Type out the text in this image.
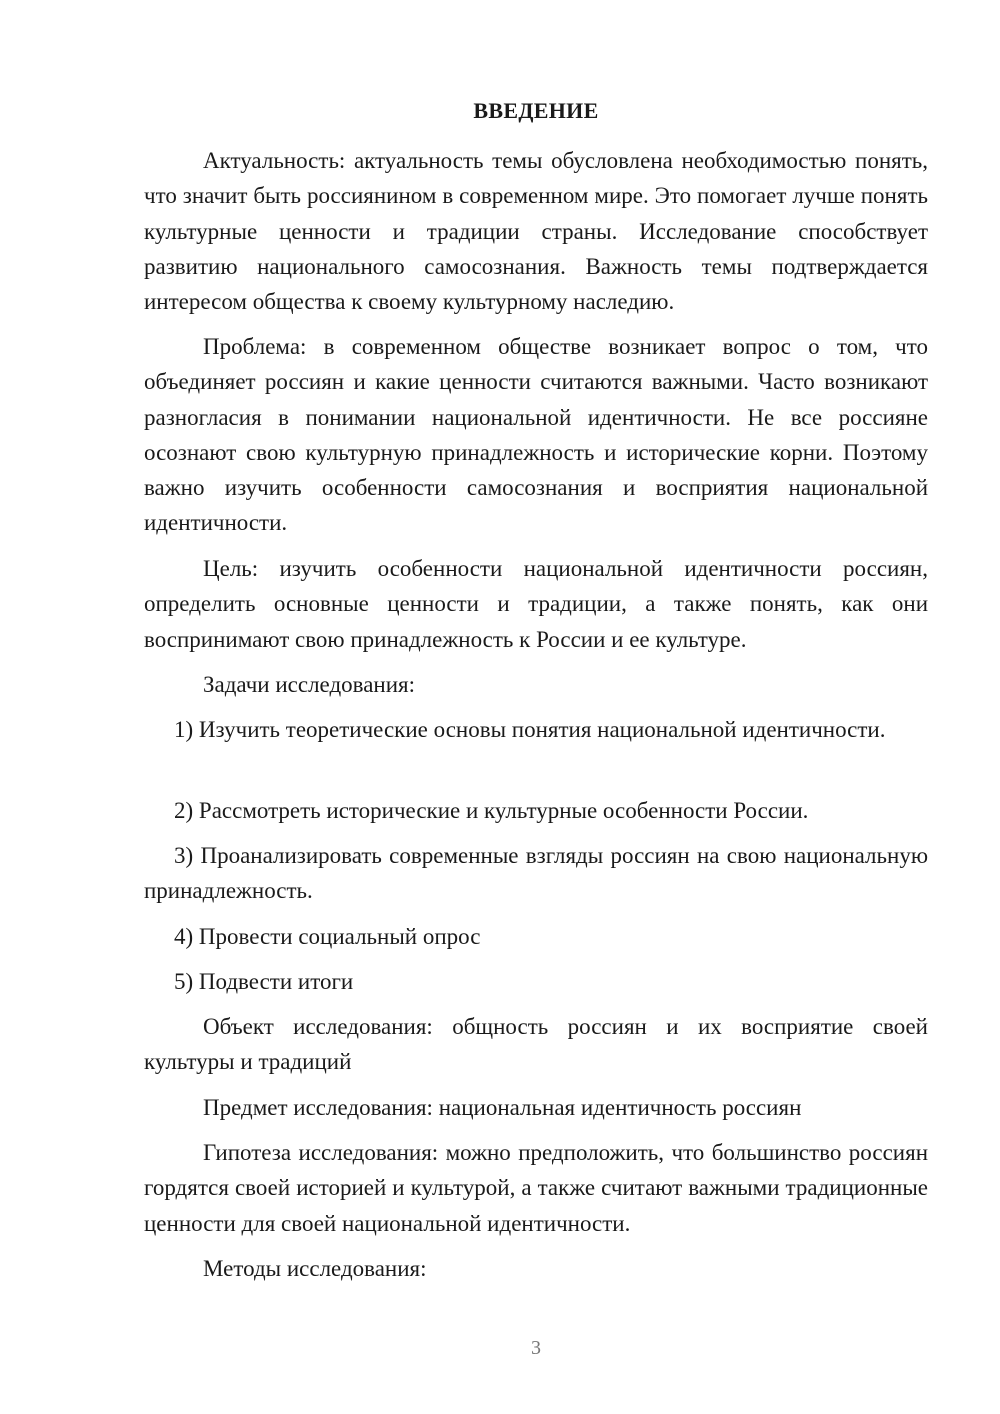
ВВЕДЕНИЕ

Актуальность: актуальность темы обусловлена необходимостью понять, что значит быть россиянином в современном мире. Это помогает лучше понять культурные ценности и традиции страны. Исследование способствует развитию национального самосознания. Важность темы подтверждается интересом общества к своему культурному наследию.

Проблема: в современном обществе возникает вопрос о том, что объединяет россиян и какие ценности считаются важными. Часто возникают разногласия в понимании национальной идентичности. Не все россияне осознают свою культурную принадлежность и исторические корни. Поэтому важно изучить особенности самосознания и восприятия национальной идентичности.

Цель: изучить особенности национальной идентичности россиян, определить основные ценности и традиции, а также понять, как они воспринимают свою принадлежность к России и ее культуре.

Задачи исследования:

1) Изучить теоретические основы понятия национальной идентичности.

2) Рассмотреть исторические и культурные особенности России.

3) Проанализировать современные взгляды россиян на свою национальную принадлежность.

4) Провести социальный опрос

5) Подвести итоги

Объект исследования: общность россиян и их восприятие своей культуры и традиций

Предмет исследования: национальная идентичность россиян

Гипотеза исследования: можно предположить, что большинство россиян гордятся своей историей и культурой, а также считают важными традиционные ценности для своей национальной идентичности.

Методы исследования:

3
